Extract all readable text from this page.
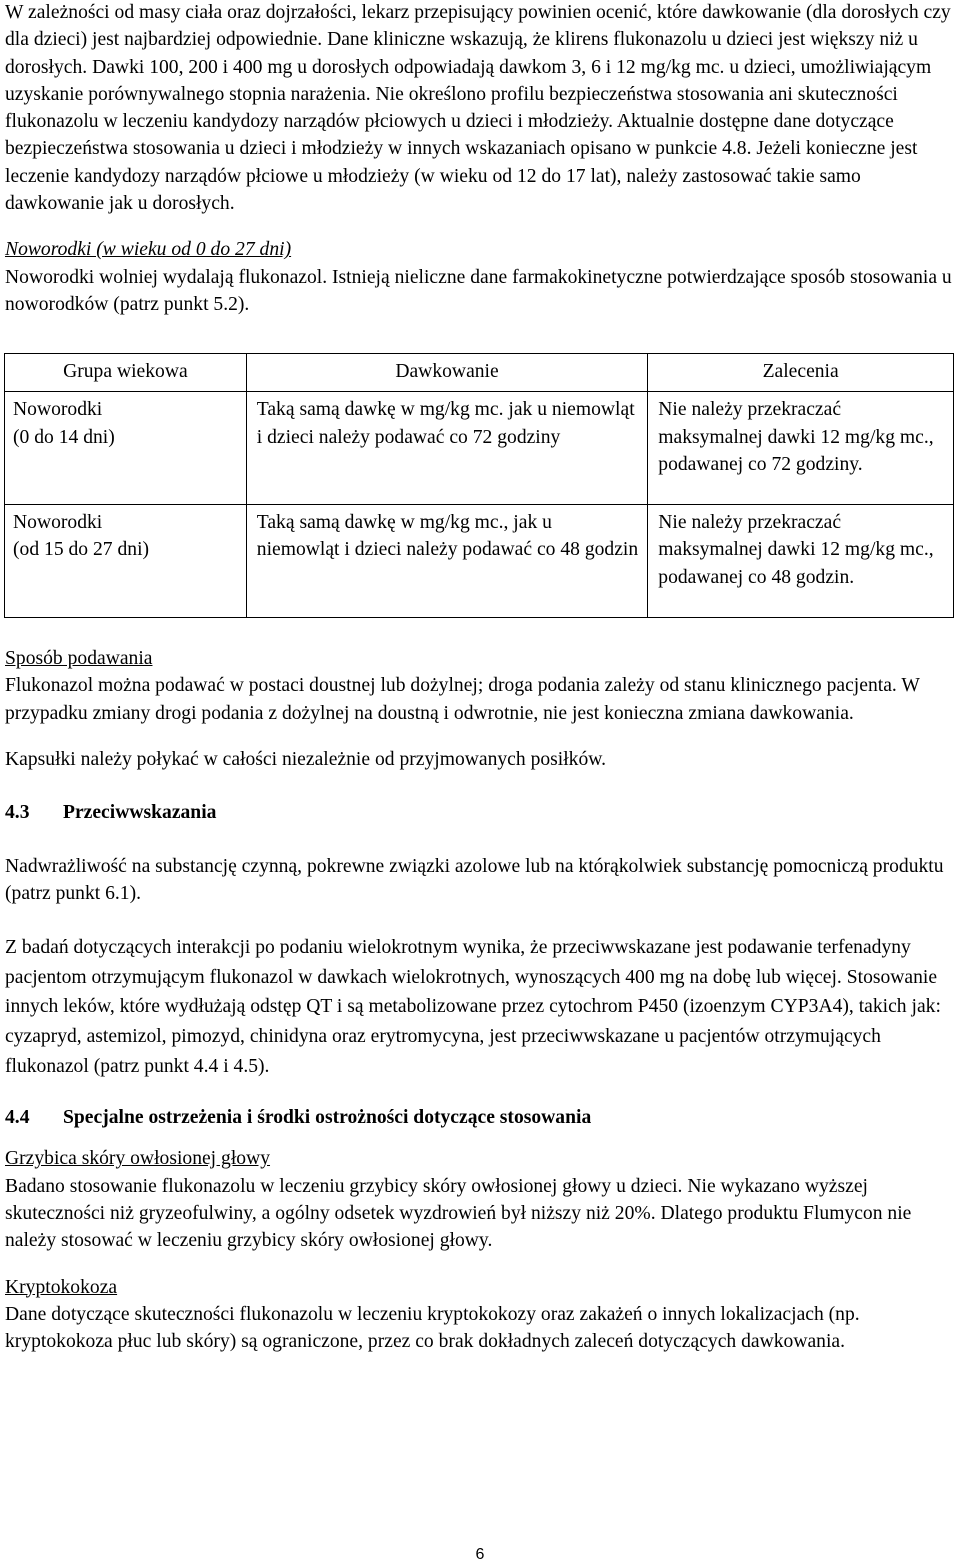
W zależności od masy ciała oraz dojrzałości, lekarz przepisujący powinien ocenić, które dawkowanie (dla dorosłych czy dla dzieci) jest najbardziej odpowiednie. Dane kliniczne wskazują, że klirens flukonazolu u dzieci jest większy niż u dorosłych. Dawki 100, 200 i 400 mg u dorosłych odpowiadają dawkom 3, 6 i 12 mg/kg mc. u dzieci, umożliwiającym uzyskanie porównywalnego stopnia narażenia. Nie określono profilu bezpieczeństwa stosowania ani skuteczności flukonazolu w leczeniu kandydozy narządów płciowych u dzieci i młodzieży. Aktualnie dostępne dane dotyczące bezpieczeństwa stosowania u dzieci i młodzieży w innych wskazaniach opisano w punkcie 4.8. Jeżeli konieczne jest leczenie kandydozy narządów płciowe u młodzieży (w wieku od 12 do 17 lat), należy zastosować takie samo dawkowanie jak u dorosłych.

Noworodki (w wieku od 0 do 27 dni)

Noworodki wolniej wydalają flukonazol. Istnieją nieliczne dane farmakokinetyczne potwierdzające sposób stosowania u noworodków (patrz punkt 5.2).

Grupa wiekowa	Dawkowanie	Zalecenia

Noworodki
(0 do 14 dni)	Taką samą dawkę w mg/kg mc. jak u niemowląt i dzieci należy podawać co 72 godziny	Nie należy przekraczać maksymalnej dawki 12 mg/kg mc., podawanej co 72 godziny.

Noworodki
(od 15 do 27 dni)	Taką samą dawkę w mg/kg mc., jak u niemowląt i dzieci należy podawać co 48 godzin	Nie należy przekraczać maksymalnej dawki 12 mg/kg mc., podawanej co 48 godzin.

Sposób podawania

Flukonazol można podawać w postaci doustnej lub dożylnej; droga podania zależy od stanu klinicznego pacjenta. W przypadku zmiany drogi podania z dożylnej na doustną i odwrotnie, nie jest konieczna zmiana dawkowania.

Kapsułki należy połykać w całości niezależnie od przyjmowanych posiłków.

4.3 Przeciwwskazania

Nadwrażliwość na substancję czynną, pokrewne związki azolowe lub na którąkolwiek substancję pomocniczą produktu (patrz punkt 6.1).

Z badań dotyczących interakcji po podaniu wielokrotnym wynika, że przeciwwskazane jest podawanie terfenadyny pacjentom otrzymującym flukonazol w dawkach wielokrotnych, wynoszących 400 mg na dobę lub więcej. Stosowanie innych leków, które wydłużają odstęp QT i są metabolizowane przez cytochrom P450 (izoenzym CYP3A4), takich jak: cyzapryd, astemizol, pimozyd, chinidyna oraz erytromycyna, jest przeciwwskazane u pacjentów otrzymujących flukonazol (patrz punkt 4.4 i 4.5).

4.4 Specjalne ostrzeżenia i środki ostrożności dotyczące stosowania

Grzybica skóry owłosionej głowy

Badano stosowanie flukonazolu w leczeniu grzybicy skóry owłosionej głowy u dzieci. Nie wykazano wyższej skuteczności niż gryzeofulwiny, a ogólny odsetek wyzdrowień był niższy niż 20%. Dlatego produktu Flumycon nie należy stosować w leczeniu grzybicy skóry owłosionej głowy.

Kryptokokoza

Dane dotyczące skuteczności flukonazolu w leczeniu kryptokokozy oraz zakażeń o innych lokalizacjach (np. kryptokokoza płuc lub skóry) są ograniczone, przez co brak dokładnych zaleceń dotyczących dawkowania.

6
